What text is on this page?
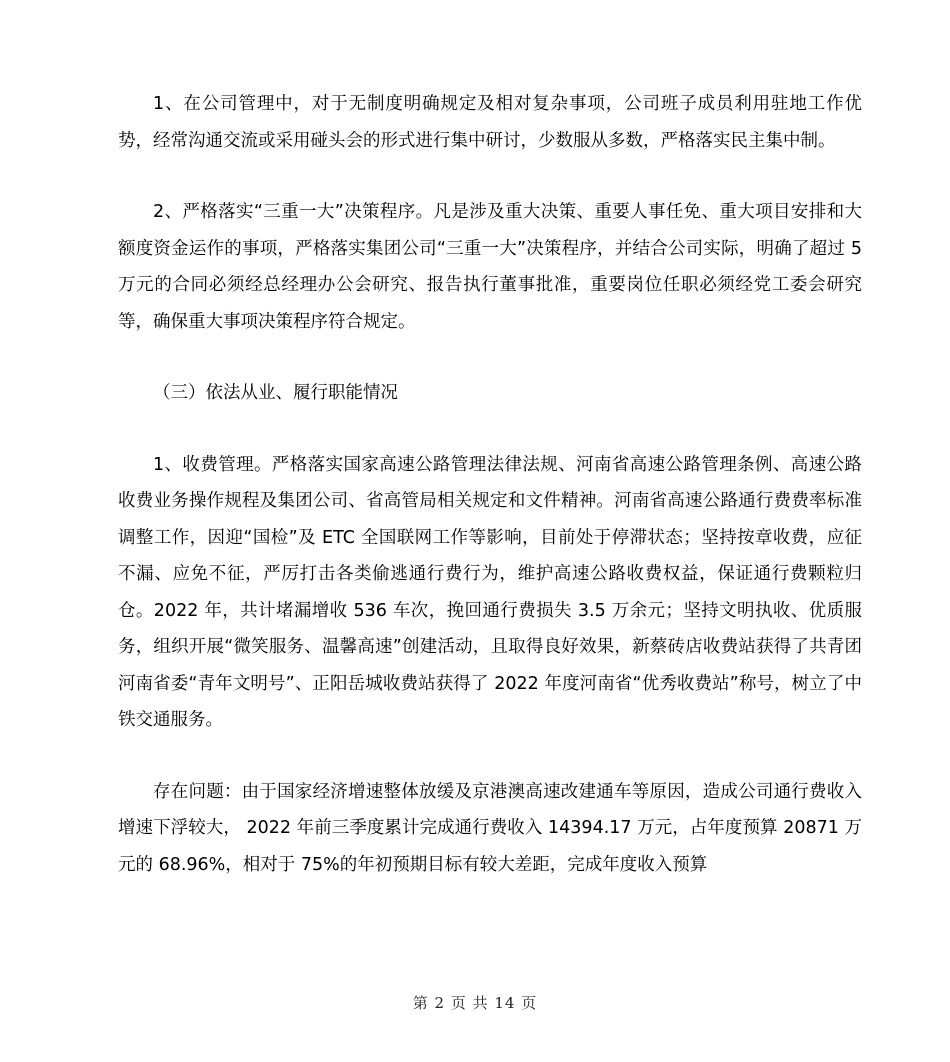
1、在公司管理中，对于无制度明确规定及相对复杂事项，公司班子成员利用驻地工作优势，经常沟通交流或采用碰头会的形式进行集中研讨，少数服从多数，严格落实民主集中制。

2、严格落实“三重一大”决策程序。凡是涉及重大决策、重要人事任免、重大项目安排和大额度资金运作的事项，严格落实集团公司“三重一大”决策程序，并结合公司实际，明确了超过 5 万元的合同必须经总经理办公会研究、报告执行董事批准，重要岗位任职必须经党工委会研究等，确保重大事项决策程序符合规定。

（三）依法从业、履行职能情况

1、收费管理。严格落实国家高速公路管理法律法规、河南省高速公路管理条例、高速公路收费业务操作规程及集团公司、省高管局相关规定和文件精神。河南省高速公路通行费费率标准调整工作，因迎“国检”及 ETC 全国联网工作等影响，目前处于停滞状态；坚持按章收费，应征不漏、应免不征，严厉打击各类偷逃通行费行为，维护高速公路收费权益，保证通行费颗粒归仓。2022 年，共计堵漏增收 536 车次，挽回通行费损失 3.5 万余元；坚持文明执收、优质服务，组织开展“微笑服务、温馨高速”创建活动，且取得良好效果，新蔡砖店收费站获得了共青团河南省委“青年文明号”、正阳岳城收费站获得了 2022 年度河南省“优秀收费站”称号，树立了中铁交通服务。

存在问题：由于国家经济增速整体放缓及京港澳高速改建通车等原因，造成公司通行费收入增速下浮较大， 2022 年前三季度累计完成通行费收入 14394.17 万元，占年度预算 20871 万元的 68.96%，相对于 75%的年初预期目标有较大差距，完成年度收入预算

第 2 页 共 14 页
